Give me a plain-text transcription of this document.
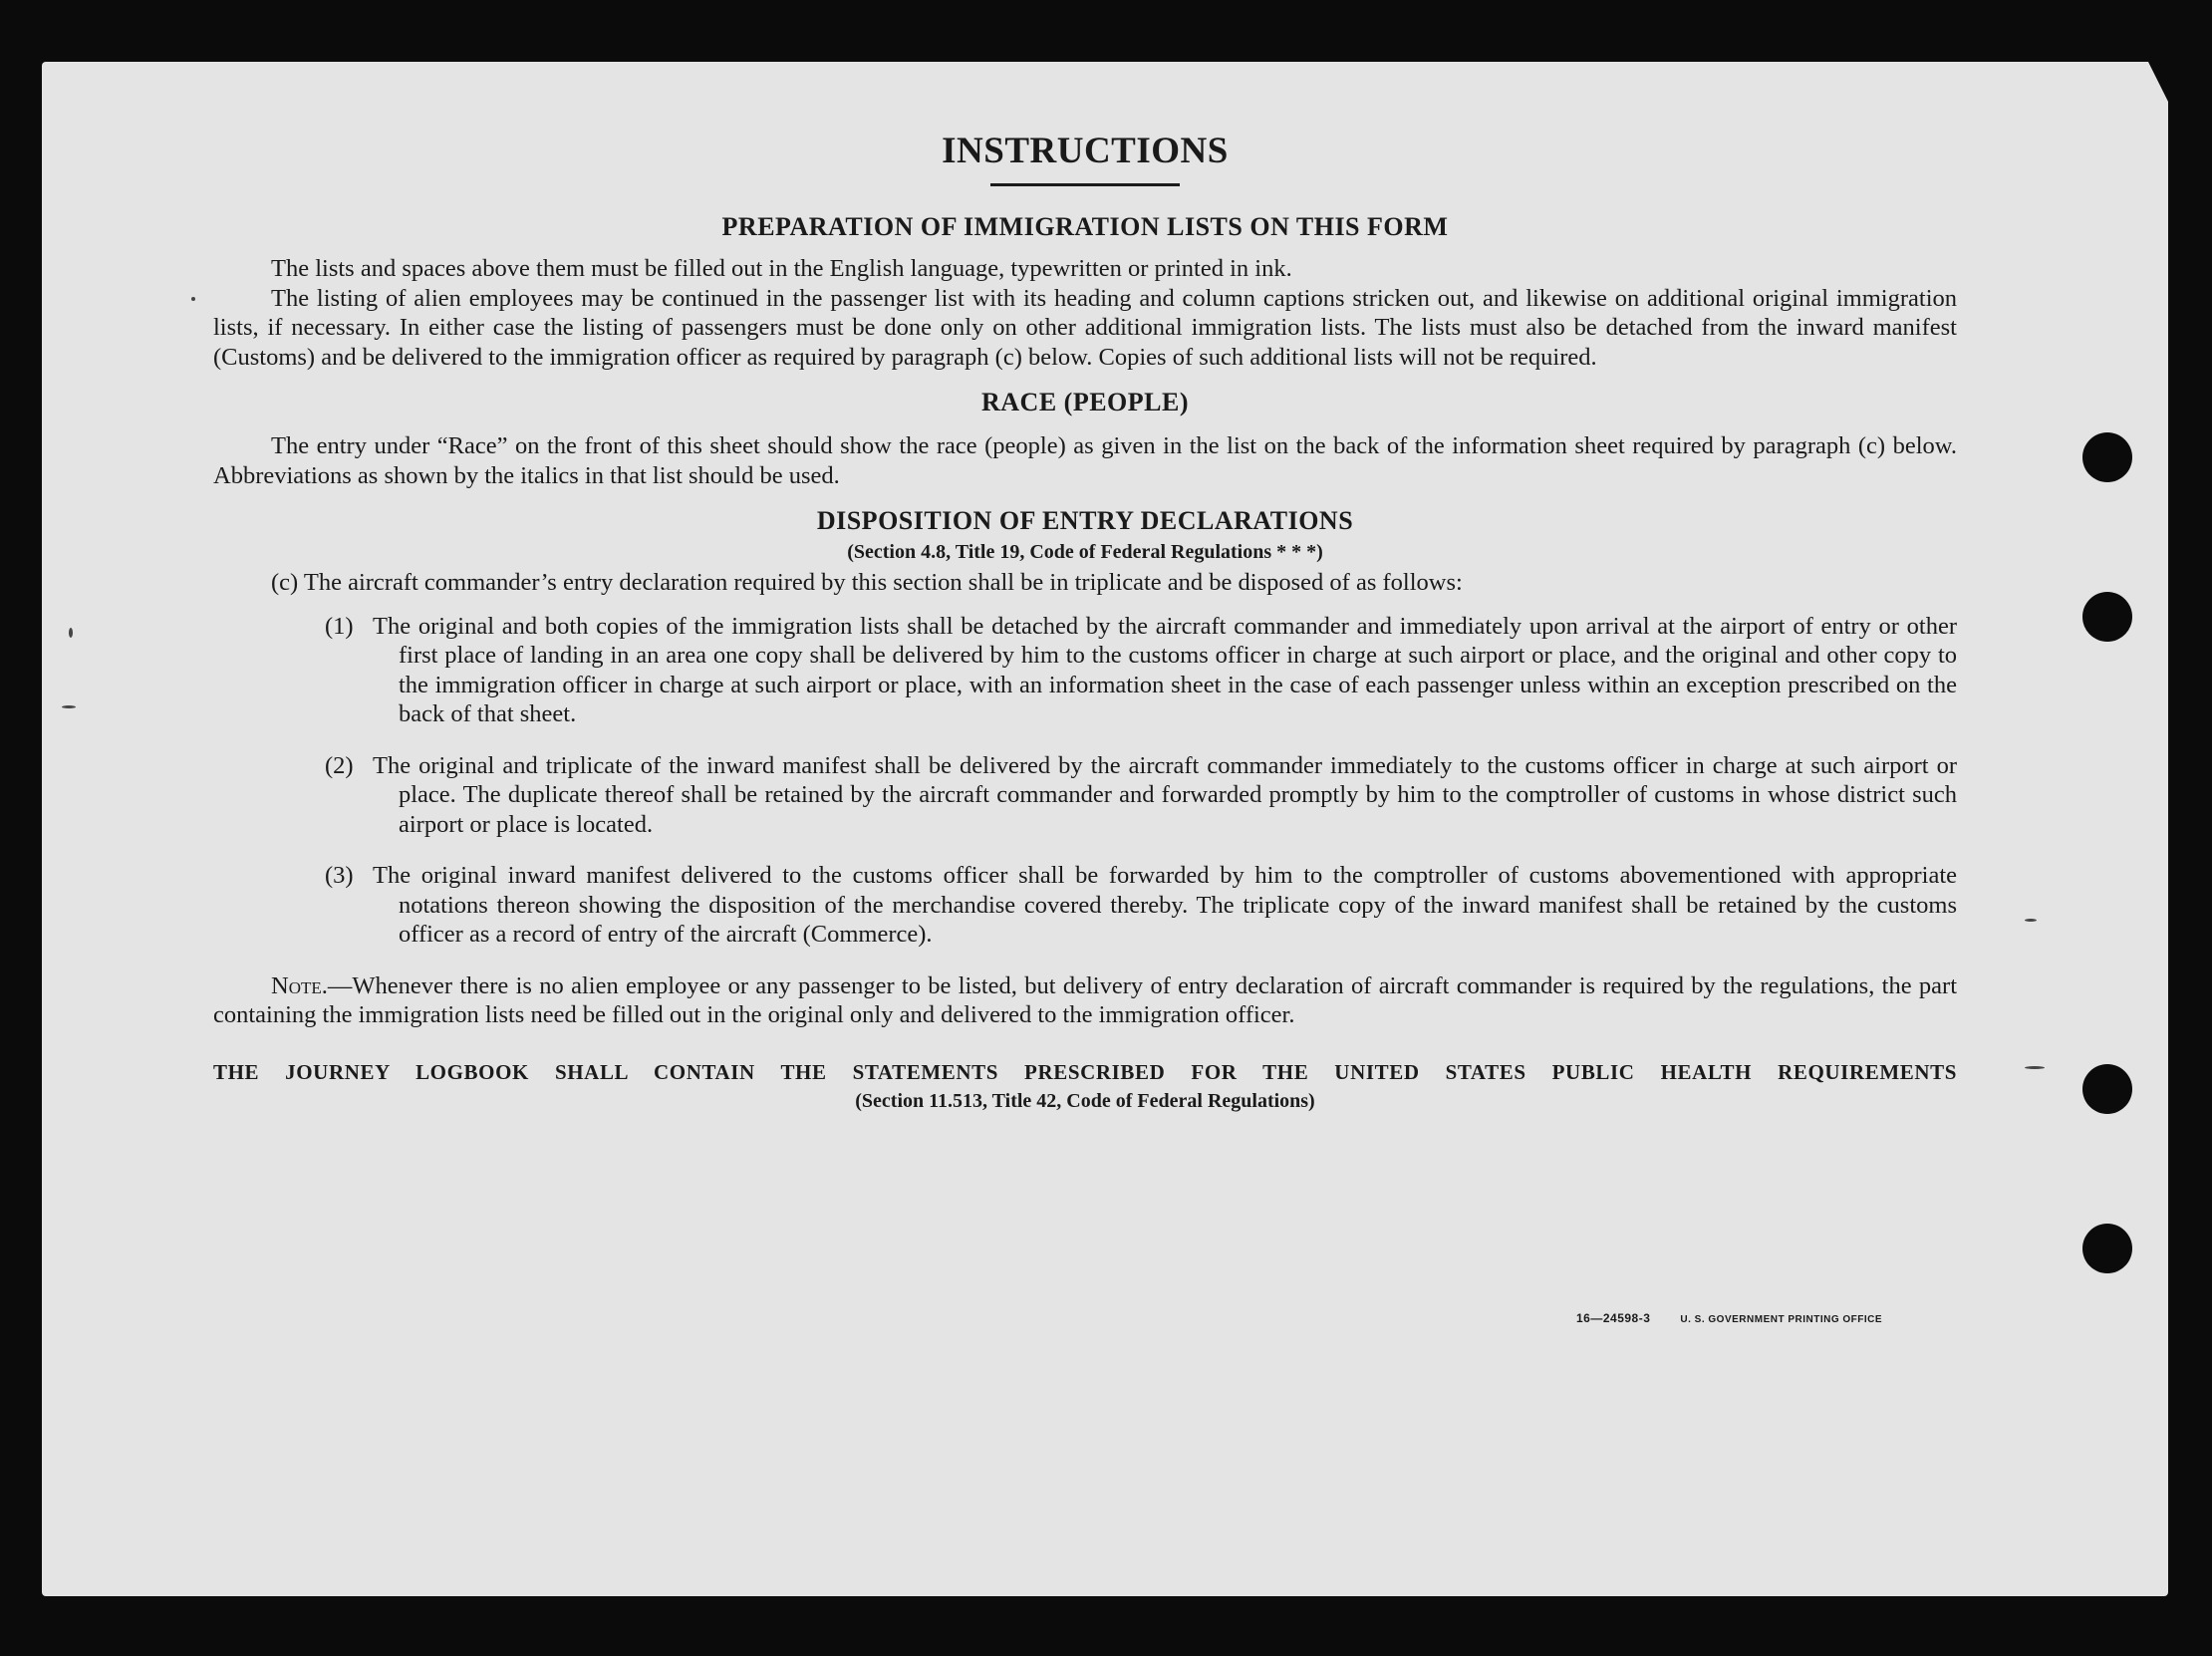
INSTRUCTIONS
PREPARATION OF IMMIGRATION LISTS ON THIS FORM

The lists and spaces above them must be filled out in the English language, typewritten or printed in ink.

The listing of alien employees may be continued in the passenger list with its heading and column captions stricken out, and likewise on additional original immigration lists, if necessary. In either case the listing of passengers must be done only on other additional immigration lists. The lists must also be detached from the inward manifest (Customs) and be delivered to the immigration officer as required by paragraph (c) below. Copies of such additional lists will not be required.

RACE (PEOPLE)

The entry under “Race” on the front of this sheet should show the race (people) as given in the list on the back of the information sheet required by paragraph (c) below. Abbreviations as shown by the italics in that list should be used.

DISPOSITION OF ENTRY DECLARATIONS
(Section 4.8, Title 19, Code of Federal Regulations * * *)
(c) The aircraft commander’s entry declaration required by this section shall be in triplicate and be disposed of as follows:
(1) The original and both copies of the immigration lists shall be detached by the aircraft commander and immediately upon arrival at the airport of entry or other first place of landing in an area one copy shall be delivered by him to the customs officer in charge at such airport or place, and the original and other copy to the immigration officer in charge at such airport or place, with an information sheet in the case of each passenger unless within an exception prescribed on the back of that sheet.
(2) The original and triplicate of the inward manifest shall be delivered by the aircraft commander immediately to the customs officer in charge at such airport or place. The duplicate thereof shall be retained by the aircraft commander and forwarded promptly by him to the comptroller of customs in whose district such airport or place is located.
(3) The original inward manifest delivered to the customs officer shall be forwarded by him to the comptroller of customs abovementioned with appropriate notations thereon showing the disposition of the merchandise covered thereby. The triplicate copy of the inward manifest shall be retained by the customs officer as a record of entry of the aircraft (Commerce).
Note.—Whenever there is no alien employee or any passenger to be listed, but delivery of entry declaration of aircraft commander is required by the regulations, the part containing the immigration lists need be filled out in the original only and delivered to the immigration officer.
THE JOURNEY LOGBOOK SHALL CONTAIN THE STATEMENTS PRESCRIBED FOR THE UNITED STATES PUBLIC HEALTH REQUIREMENTS
(Section 11.513, Title 42, Code of Federal Regulations)
16—24598-3	U. S. GOVERNMENT PRINTING OFFICE
